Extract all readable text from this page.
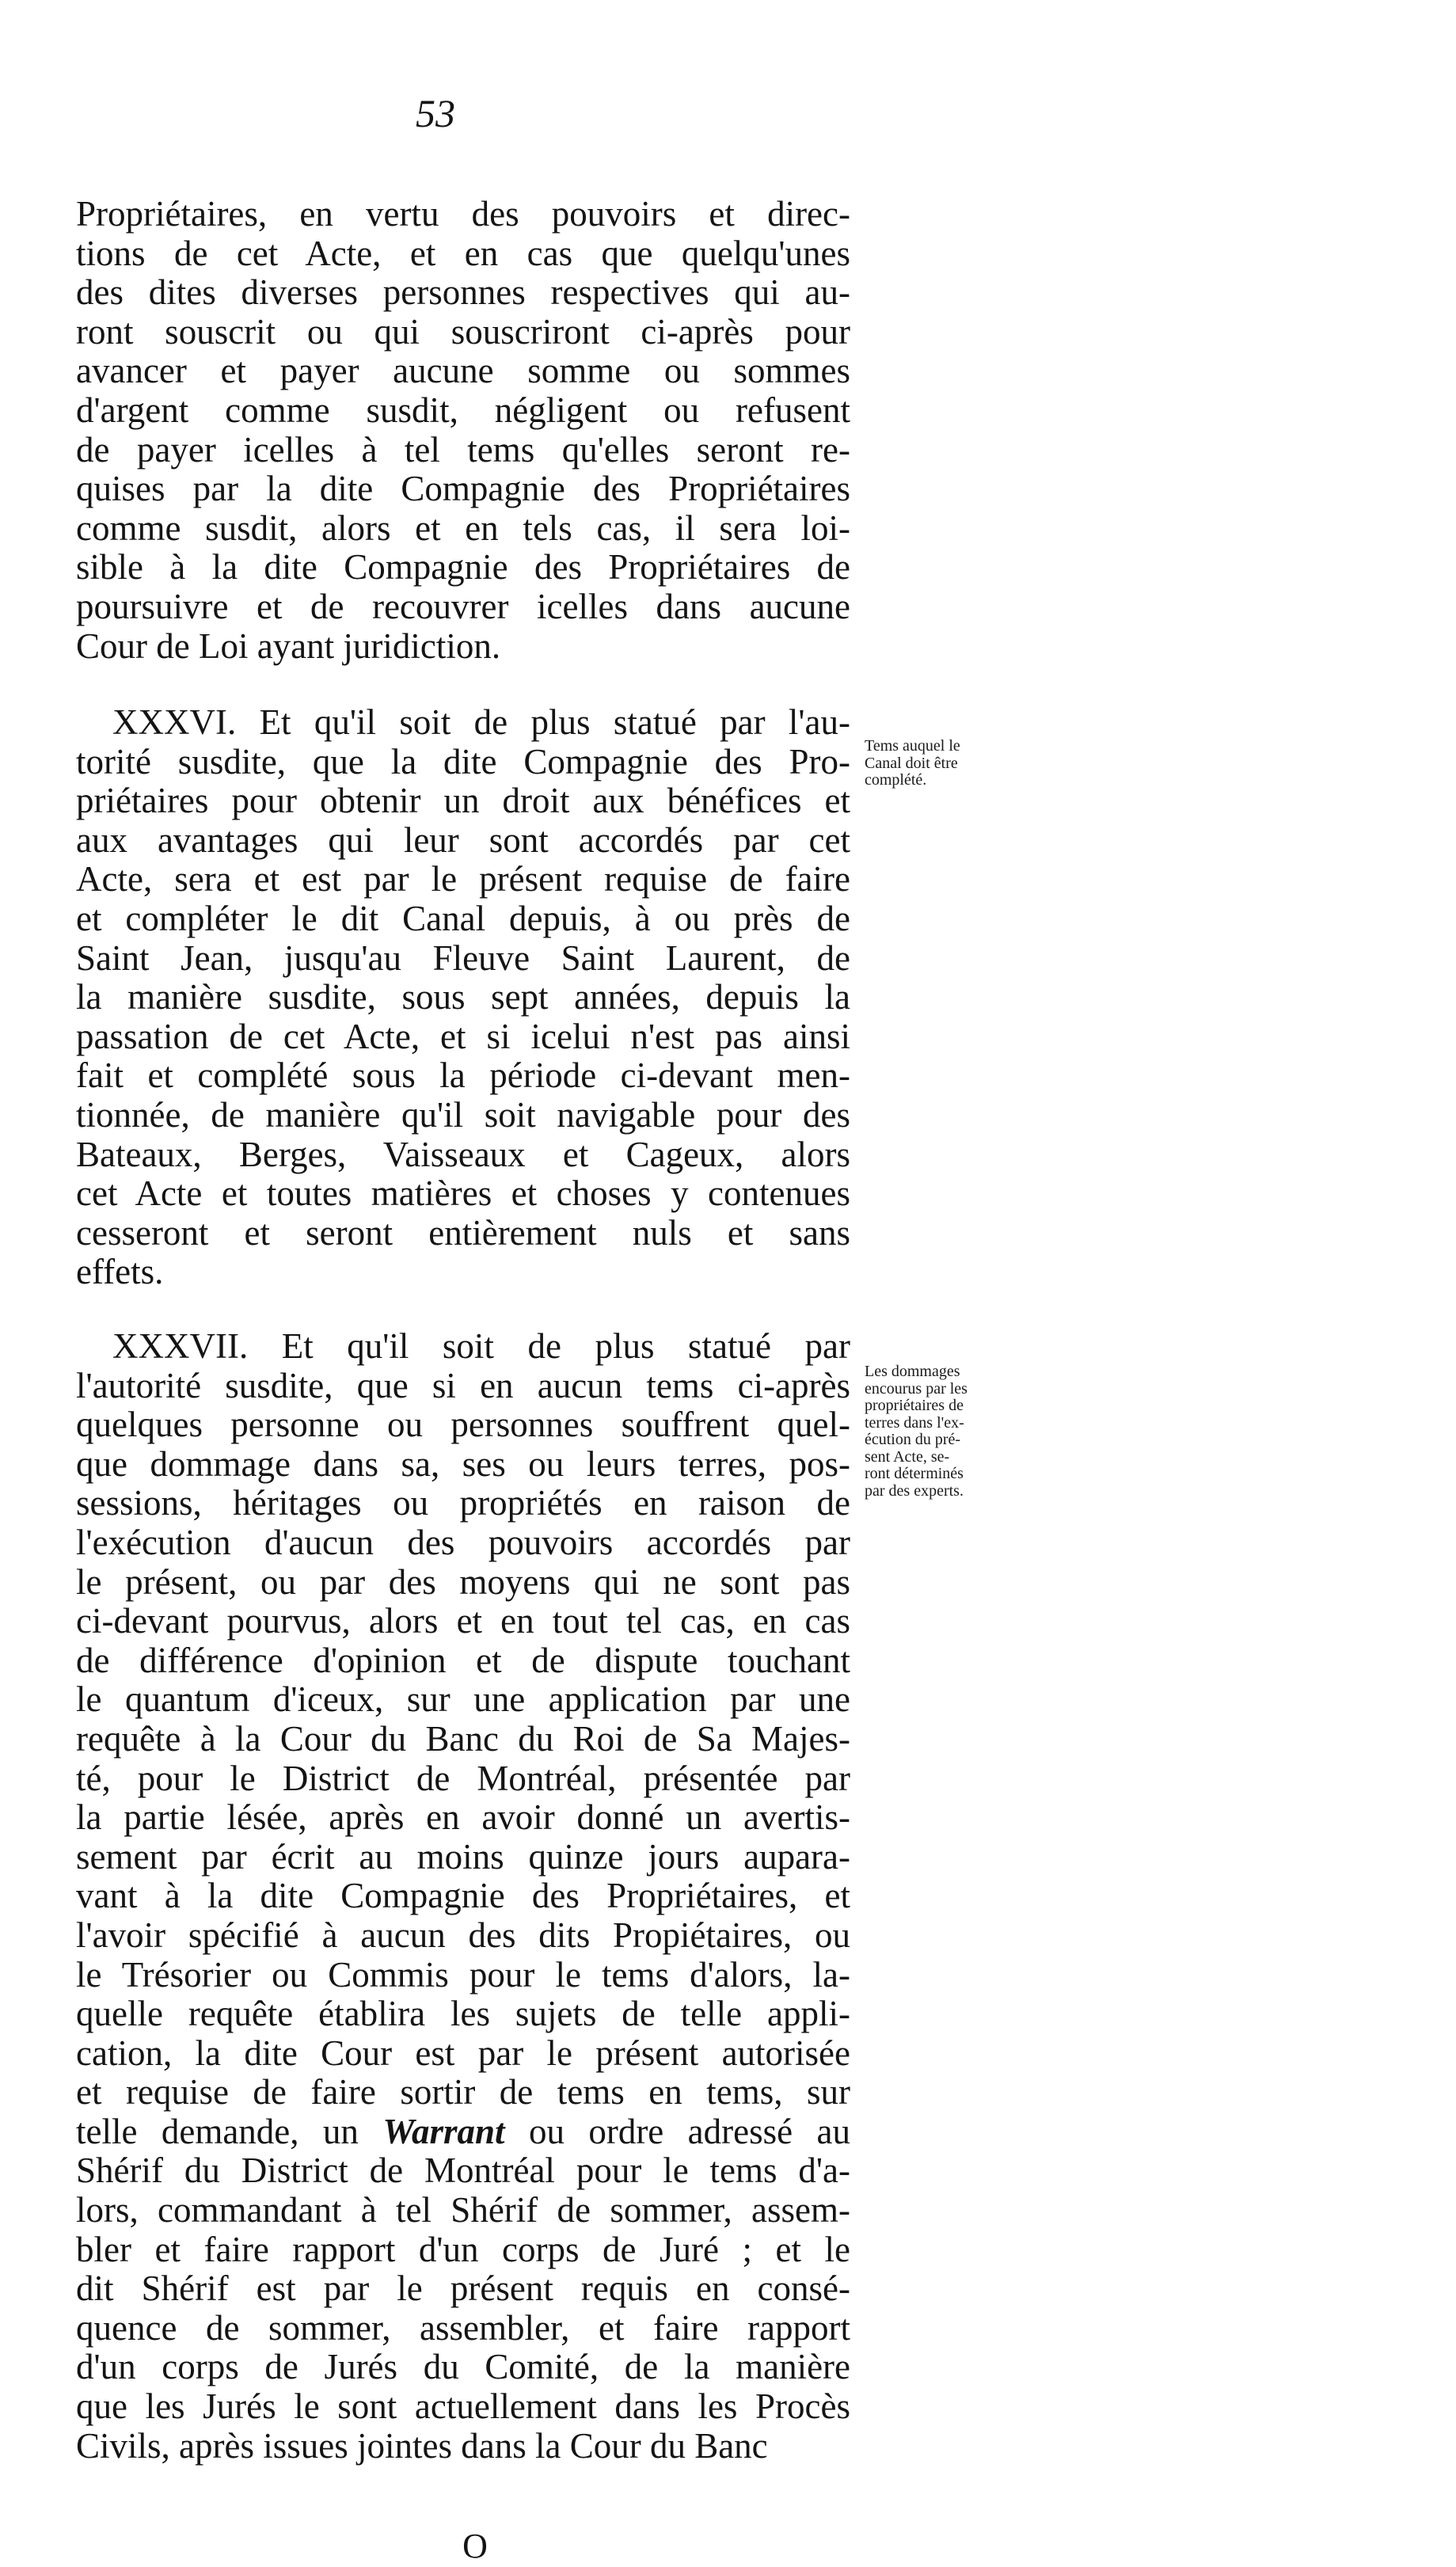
53
Propriétaires, en vertu des pouvoirs et direc-
tions de cet Acte, et en cas que quelqu'unes
des dites diverses personnes respectives qui au-
ront souscrit ou qui souscriront ci-après pour
avancer et payer aucune somme ou sommes
d'argent comme susdit, négligent ou refusent
de payer icelles à tel tems qu'elles seront re-
quises par la dite Compagnie des Propriétaires
comme susdit, alors et en tels cas, il sera loi-
sible à la dite Compagnie des Propriétaires de
poursuivre et de recouvrer icelles dans aucune
Cour de Loi ayant juridiction.
XXXVI. Et qu'il soit de plus statué par l'au-
torité susdite, que la dite Compagnie des Pro-
priétaires pour obtenir un droit aux bénéfices et
aux avantages qui leur sont accordés par cet
Acte, sera et est par le présent requise de faire
et compléter le dit Canal depuis, à ou près de
Saint Jean, jusqu'au Fleuve Saint Laurent, de
la manière susdite, sous sept années, depuis la
passation de cet Acte, et si icelui n'est pas ainsi
fait et complété sous la période ci-devant men-
tionnée, de manière qu'il soit navigable pour des
Bateaux, Berges, Vaisseaux et Cageux, alors
cet Acte et toutes matières et choses y contenues
cesseront et seront entièrement nuls et sans
effets.
XXXVII. Et qu'il soit de plus statué par
l'autorité susdite, que si en aucun tems ci-après
quelques personne ou personnes souffrent quel-
que dommage dans sa, ses ou leurs terres, pos-
sessions, héritages ou propriétés en raison de
l'exécution d'aucun des pouvoirs accordés par
le présent, ou par des moyens qui ne sont pas
ci-devant pourvus, alors et en tout tel cas, en cas
de différence d'opinion et de dispute touchant
le quantum d'iceux, sur une application par une
requête à la Cour du Banc du Roi de Sa Majes-
té, pour le District de Montréal, présentée par
la partie lésée, après en avoir donné un avertis-
sement par écrit au moins quinze jours aupara-
vant à la dite Compagnie des Propriétaires, et
l'avoir spécifié à aucun des dits Propiétaires, ou
le Trésorier ou Commis pour le tems d'alors, la-
quelle requête établira les sujets de telle appli-
cation, la dite Cour est par le présent autorisée
et requise de faire sortir de tems en tems, sur
telle demande, un Warrant ou ordre adressé au
Shérif du District de Montréal pour le tems d'a-
lors, commandant à tel Shérif de sommer, assem-
bler et faire rapport d'un corps de Juré ; et le
dit Shérif est par le présent requis en consé-
quence de sommer, assembler, et faire rapport
d'un corps de Jurés du Comité, de la manière
que les Jurés le sont actuellement dans les Procès
Civils, après issues jointes dans la Cour du Banc
Tems auquel le
Canal doit être
complété.
Les dommages
encourus par les
propriétaires de
terres dans l'ex-
écution du pré-
sent Acte, se-
ront déterminés
par des experts.
O
